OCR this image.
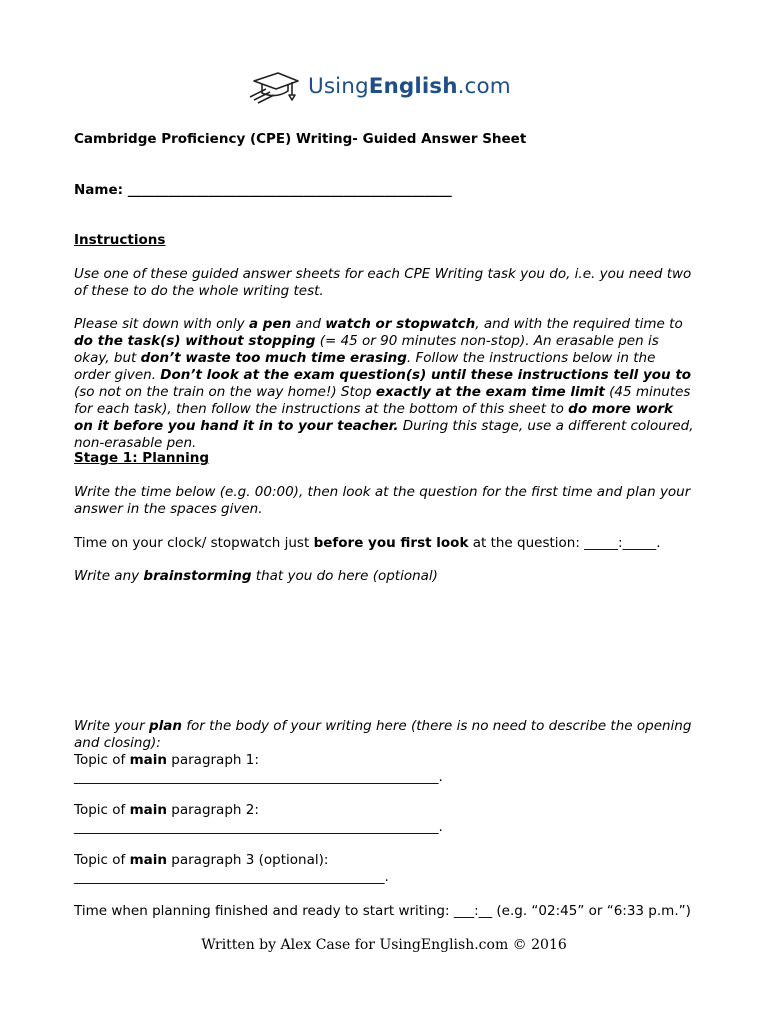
UsingEnglish.com
Cambridge Proficiency (CPE) Writing- Guided Answer Sheet
Name: ________________________________________________
Instructions
Use one of these guided answer sheets for each CPE Writing task you do, i.e. you need two of these to do the whole writing test.
Please sit down with only a pen and watch or stopwatch, and with the required time to do the task(s) without stopping (= 45 or 90 minutes non-stop). An erasable pen is okay, but don’t waste too much time erasing. Follow the instructions below in the order given. Don’t look at the exam question(s) until these instructions tell you to (so not on the train on the way home!) Stop exactly at the exam time limit (45 minutes for each task), then follow the instructions at the bottom of this sheet to do more work on it before you hand it in to your teacher. During this stage, use a different coloured, non-erasable pen.
Stage 1: Planning
Write the time below (e.g. 00:00), then look at the question for the first time and plan your answer in the spaces given.
Time on your clock/ stopwatch just before you first look at the question: _____:_____.
Write any brainstorming that you do here (optional)
Write your plan for the body of your writing here (there is no need to describe the opening and closing):
Topic of main paragraph 1:
______________________________________________________.
Topic of main paragraph 2:
______________________________________________________.
Topic of main paragraph 3 (optional):
______________________________________________.
Time when planning finished and ready to start writing: ___:__ (e.g. “02:45” or “6:33 p.m.”)
Written by Alex Case for UsingEnglish.com © 2016
